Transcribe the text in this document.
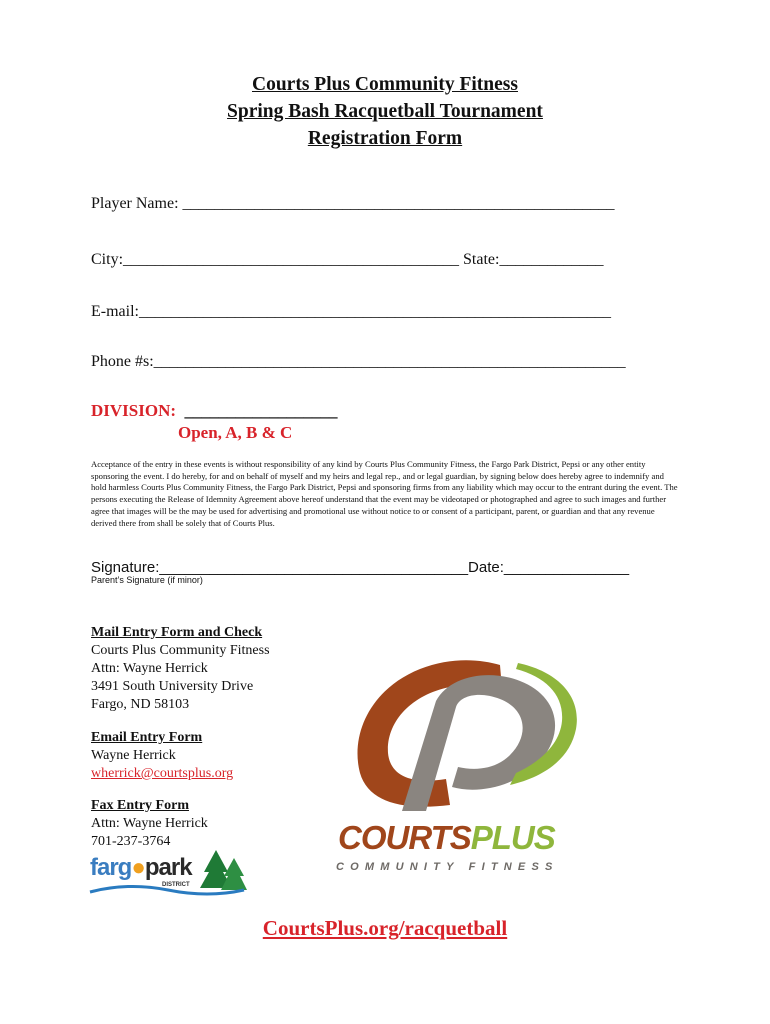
Courts Plus Community Fitness
Spring Bash Racquetball Tournament
Registration Form
Player Name: ______________________________________________________
City:__________________________________________ State:_____________
E-mail:___________________________________________________________
Phone #s:___________________________________________________________
DIVISION:  __________________
Open, A, B & C
Acceptance of the entry in these events is without responsibility of any kind by Courts Plus Community Fitness, the Fargo Park District, Pepsi or any other entity sponsoring the event. I do hereby, for and on behalf of myself and my heirs and legal rep., and or legal guardian, by signing below does hereby agree to indemnify and hold harmless Courts Plus Community Fitness, the Fargo Park District, Pepsi and sponsoring firms from any liability which may occur to the entrant during the event. The persons executing the Release of Idemnity Agreement above hereof understand that the event may be videotaped or photographed and agree to such images and further agree that images will be the may be used for advertising and promotional use without notice to or consent of a participant, parent, or guardian and that any revenue derived there from shall be solely that of Courts Plus.
Signature:_____________________________________Date:_______________
Parent’s Signature (if minor)
Mail Entry Form and Check
Courts Plus Community Fitness
Attn: Wayne Herrick
3491 South University Drive
Fargo, ND 58103
Email Entry Form
Wayne Herrick
wherrick@courtsplus.org
Fax Entry Form
Attn: Wayne Herrick
701-237-3764
farg●park
DISTRICT
COURTSPLUS
COMMUNITY FITNESS
CourtsPlus.org/racquetball
